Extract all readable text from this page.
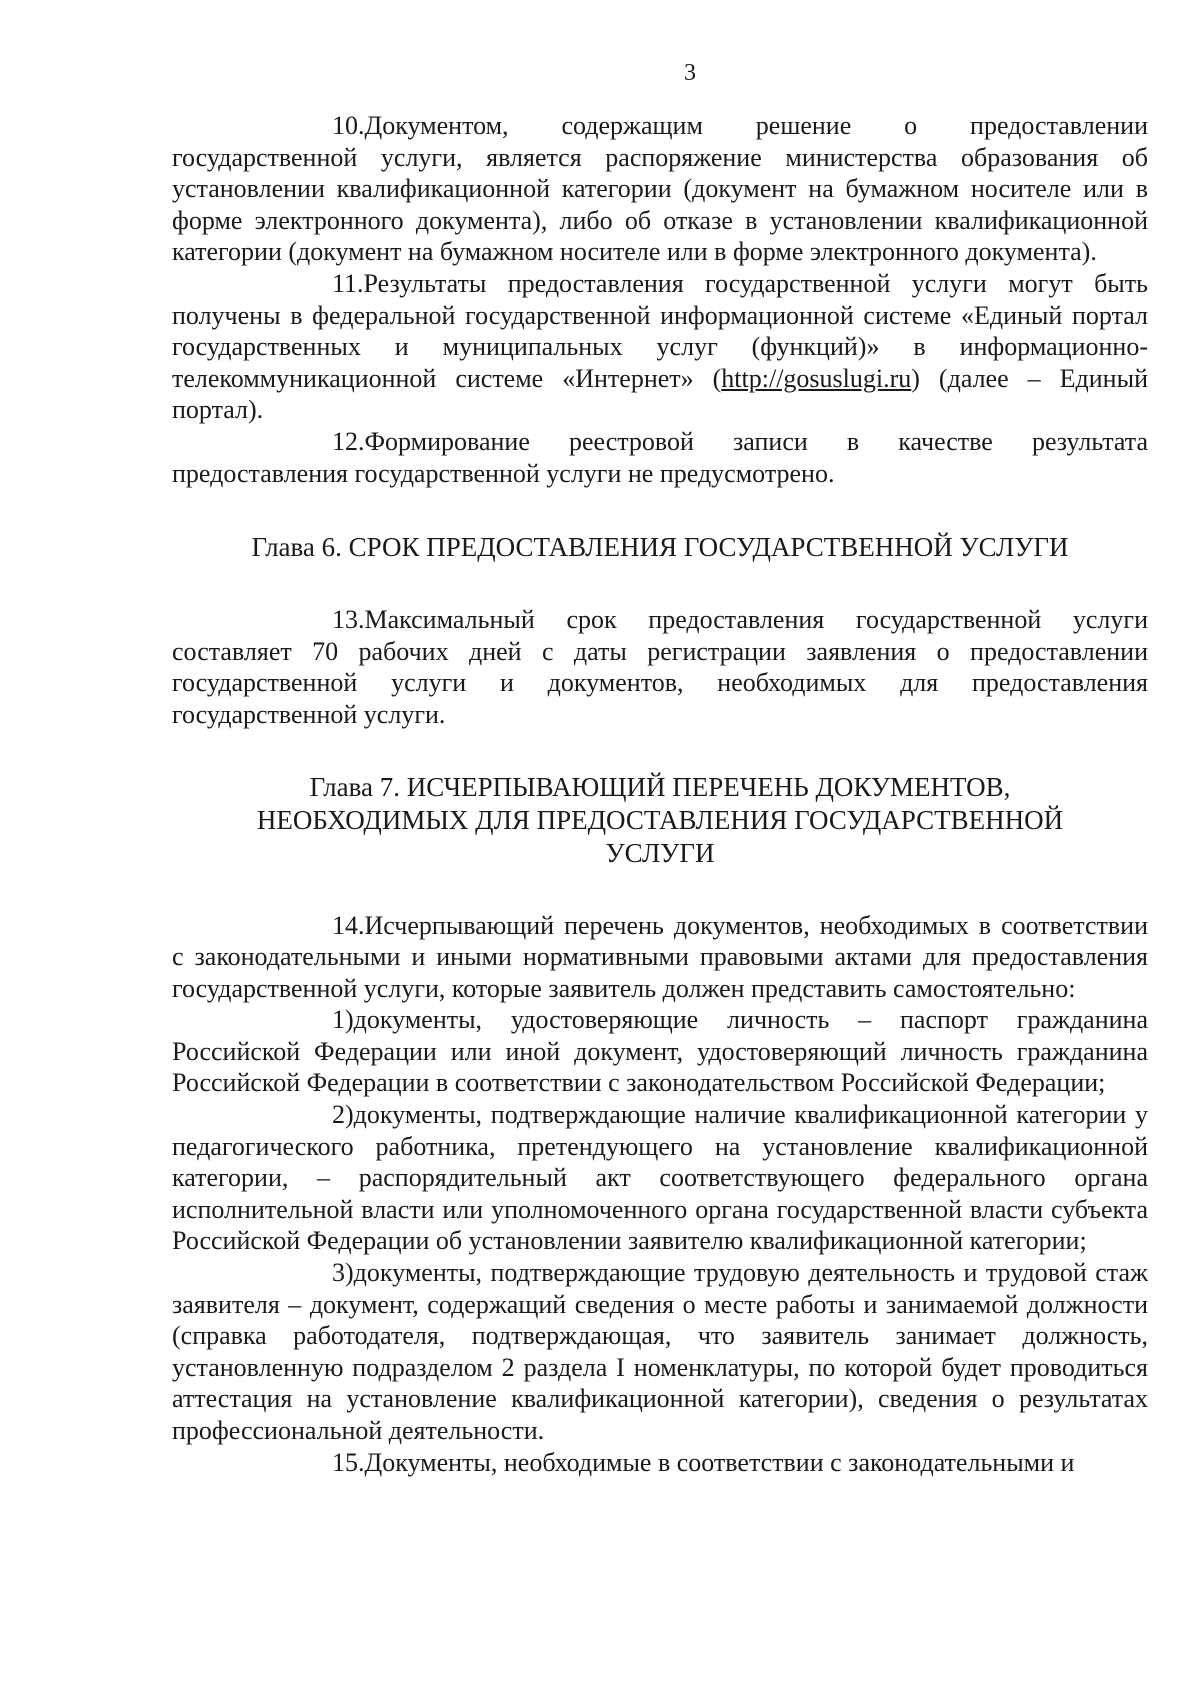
3

10.Документом, содержащим решение о предоставлении государственной услуги, является распоряжение министерства образования об установлении квалификационной категории (документ на бумажном носителе или в форме электронного документа), либо об отказе в установлении квалификационной категории (документ на бумажном носителе или в форме электронного документа).

11.Результаты предоставления государственной услуги могут быть получены в федеральной государственной информационной системе «Единый портал государственных и муниципальных услуг (функций)» в информационно-телекоммуникационной системе «Интернет» (http://gosuslugi.ru) (далее – Единый портал).

12.Формирование реестровой записи в качестве результата предоставления государственной услуги не предусмотрено.

Глава 6. СРОК ПРЕДОСТАВЛЕНИЯ ГОСУДАРСТВЕННОЙ УСЛУГИ

13.Максимальный срок предоставления государственной услуги составляет 70 рабочих дней с даты регистрации заявления о предоставлении государственной услуги и документов, необходимых для предоставления государственной услуги.

Глава 7. ИСЧЕРПЫВАЮЩИЙ ПЕРЕЧЕНЬ ДОКУМЕНТОВ,
НЕОБХОДИМЫХ ДЛЯ ПРЕДОСТАВЛЕНИЯ ГОСУДАРСТВЕННОЙ
УСЛУГИ

14.Исчерпывающий перечень документов, необходимых в соответствии с законодательными и иными нормативными правовыми актами для предоставления государственной услуги, которые заявитель должен представить самостоятельно:

1)документы, удостоверяющие личность – паспорт гражданина Российской Федерации или иной документ, удостоверяющий личность гражданина Российской Федерации в соответствии с законодательством Российской Федерации;

2)документы, подтверждающие наличие квалификационной категории у педагогического работника, претендующего на установление квалификационной категории, – распорядительный акт соответствующего федерального органа исполнительной власти или уполномоченного органа государственной власти субъекта Российской Федерации об установлении заявителю квалификационной категории;

3)документы, подтверждающие трудовую деятельность и трудовой стаж заявителя – документ, содержащий сведения о месте работы и занимаемой должности (справка работодателя, подтверждающая, что заявитель занимает должность, установленную подразделом 2 раздела I номенклатуры, по которой будет проводиться аттестация на установление квалификационной категории), сведения о результатах профессиональной деятельности.

15.Документы, необходимые в соответствии с законодательными и
